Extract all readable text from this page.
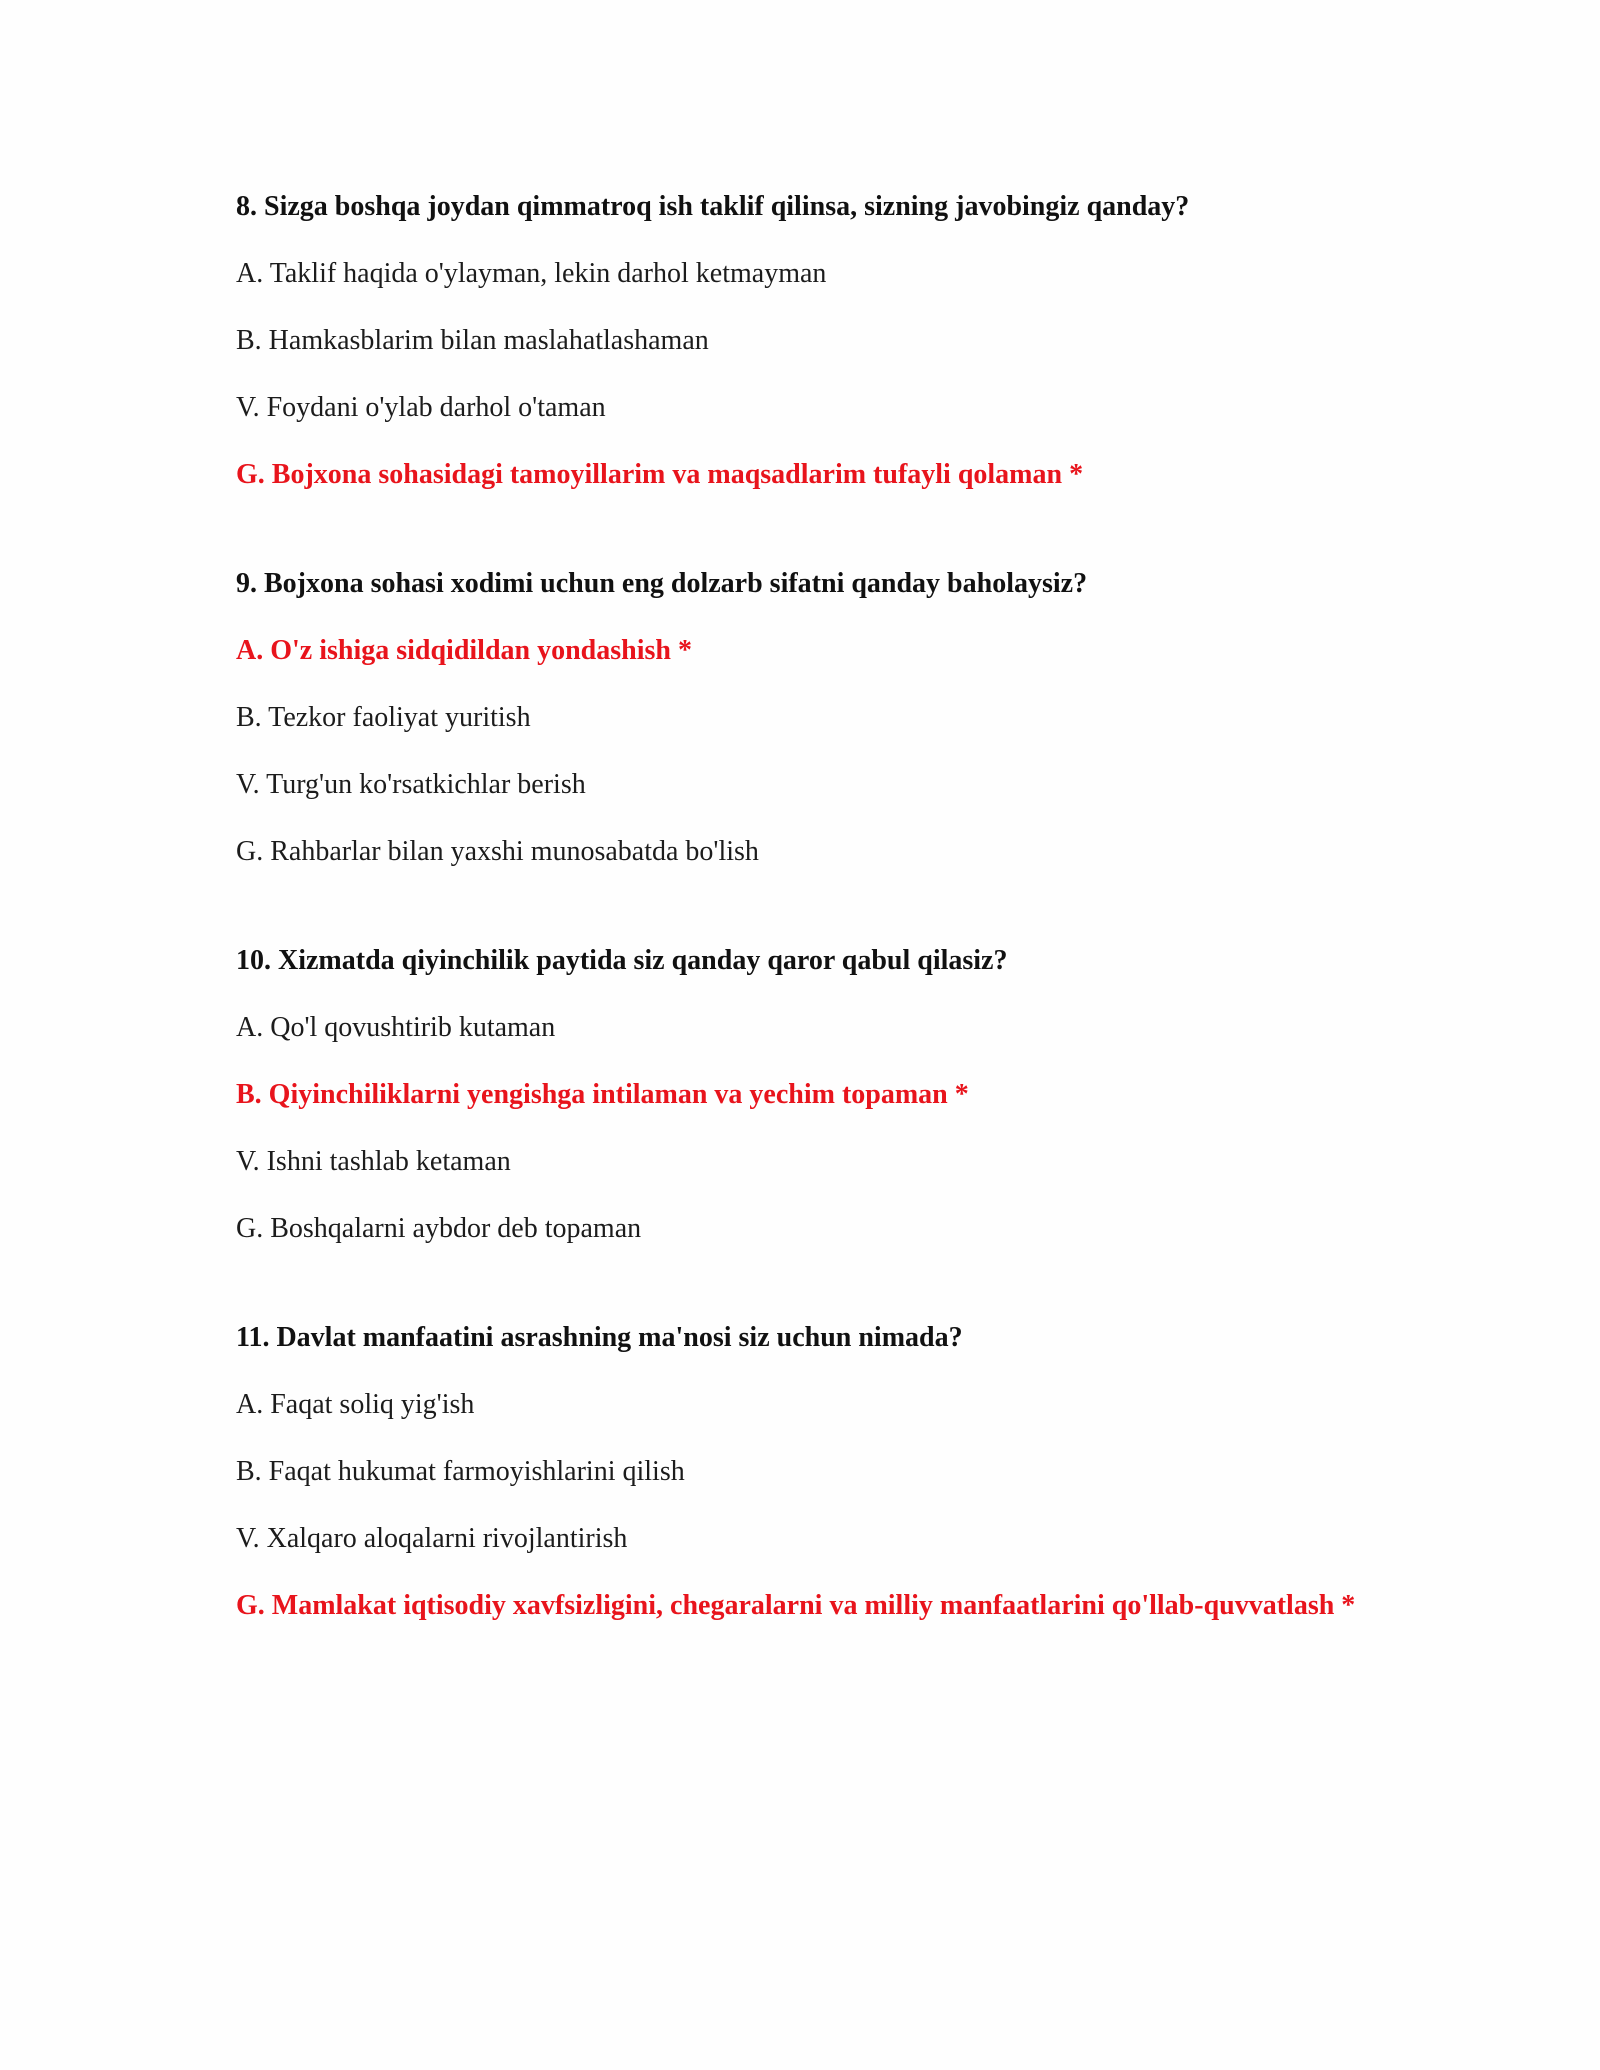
8. Sizga boshqa joydan qimmatroq ish taklif qilinsa, sizning javobingiz qanday?
A. Taklif haqida o'ylayman, lekin darhol ketmayman
B. Hamkasblarim bilan maslahatlashaman
V. Foydani o'ylab darhol o'taman
G. Bojxona sohasidagi tamoyillarim va maqsadlarim tufayli qolaman *
9. Bojxona sohasi xodimi uchun eng dolzarb sifatni qanday baholaysiz?
A. O'z ishiga sidqidildan yondashish *
B. Tezkor faoliyat yuritish
V. Turg'un ko'rsatkichlar berish
G. Rahbarlar bilan yaxshi munosabatda bo'lish
10. Xizmatda qiyinchilik paytida siz qanday qaror qabul qilasiz?
A. Qo'l qovushtirib kutaman
B. Qiyinchiliklarni yengishga intilaman va yechim topaman *
V. Ishni tashlab ketaman
G. Boshqalarni aybdor deb topaman
11. Davlat manfaatini asrashning ma'nosi siz uchun nimada?
A. Faqat soliq yig'ish
B. Faqat hukumat farmoyishlarini qilish
V. Xalqaro aloqalarni rivojlantirish
G. Mamlakat iqtisodiy xavfsizligini, chegaralarni va milliy manfaatlarini qo'llab-quvvatlash *
